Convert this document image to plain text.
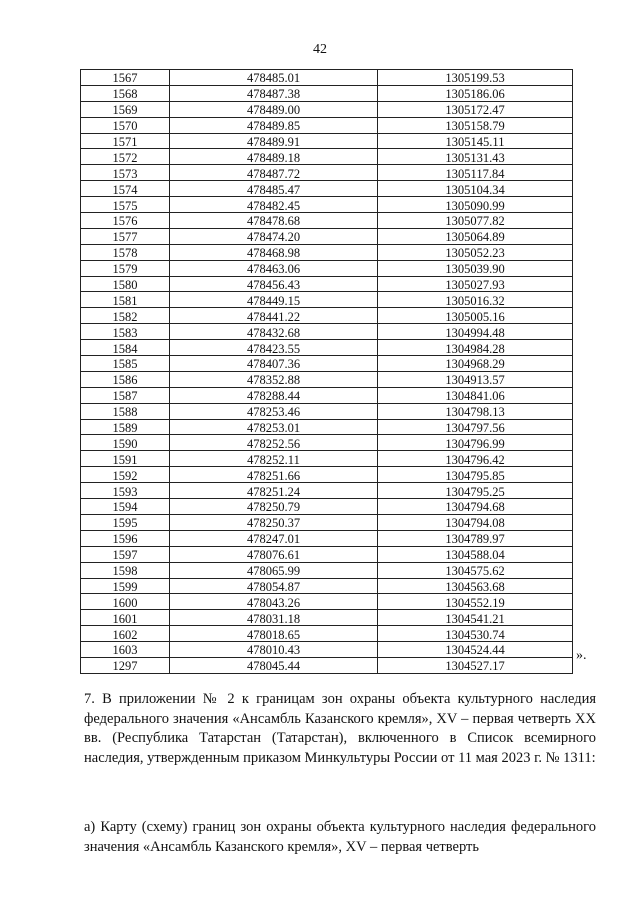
42
1567	478485.01	1305199.53
1568	478487.38	1305186.06
1569	478489.00	1305172.47
1570	478489.85	1305158.79
1571	478489.91	1305145.11
1572	478489.18	1305131.43
1573	478487.72	1305117.84
1574	478485.47	1305104.34
1575	478482.45	1305090.99
1576	478478.68	1305077.82
1577	478474.20	1305064.89
1578	478468.98	1305052.23
1579	478463.06	1305039.90
1580	478456.43	1305027.93
1581	478449.15	1305016.32
1582	478441.22	1305005.16
1583	478432.68	1304994.48
1584	478423.55	1304984.28
1585	478407.36	1304968.29
1586	478352.88	1304913.57
1587	478288.44	1304841.06
1588	478253.46	1304798.13
1589	478253.01	1304797.56
1590	478252.56	1304796.99
1591	478252.11	1304796.42
1592	478251.66	1304795.85
1593	478251.24	1304795.25
1594	478250.79	1304794.68
1595	478250.37	1304794.08
1596	478247.01	1304789.97
1597	478076.61	1304588.04
1598	478065.99	1304575.62
1599	478054.87	1304563.68
1600	478043.26	1304552.19
1601	478031.18	1304541.21
1602	478018.65	1304530.74
1603	478010.43	1304524.44
1297	478045.44	1304527.17
».
7. В приложении № 2 к границам зон охраны объекта культурного наследия федерального значения «Ансамбль Казанского кремля», XV – первая четверть XX вв. (Республика Татарстан (Татарстан), включенного в Список всемирного наследия, утвержденным приказом Минкультуры России от 11 мая 2023 г. № 1311:
а) Карту (схему) границ зон охраны объекта культурного наследия федерального значения «Ансамбль Казанского кремля», XV – первая четверть
